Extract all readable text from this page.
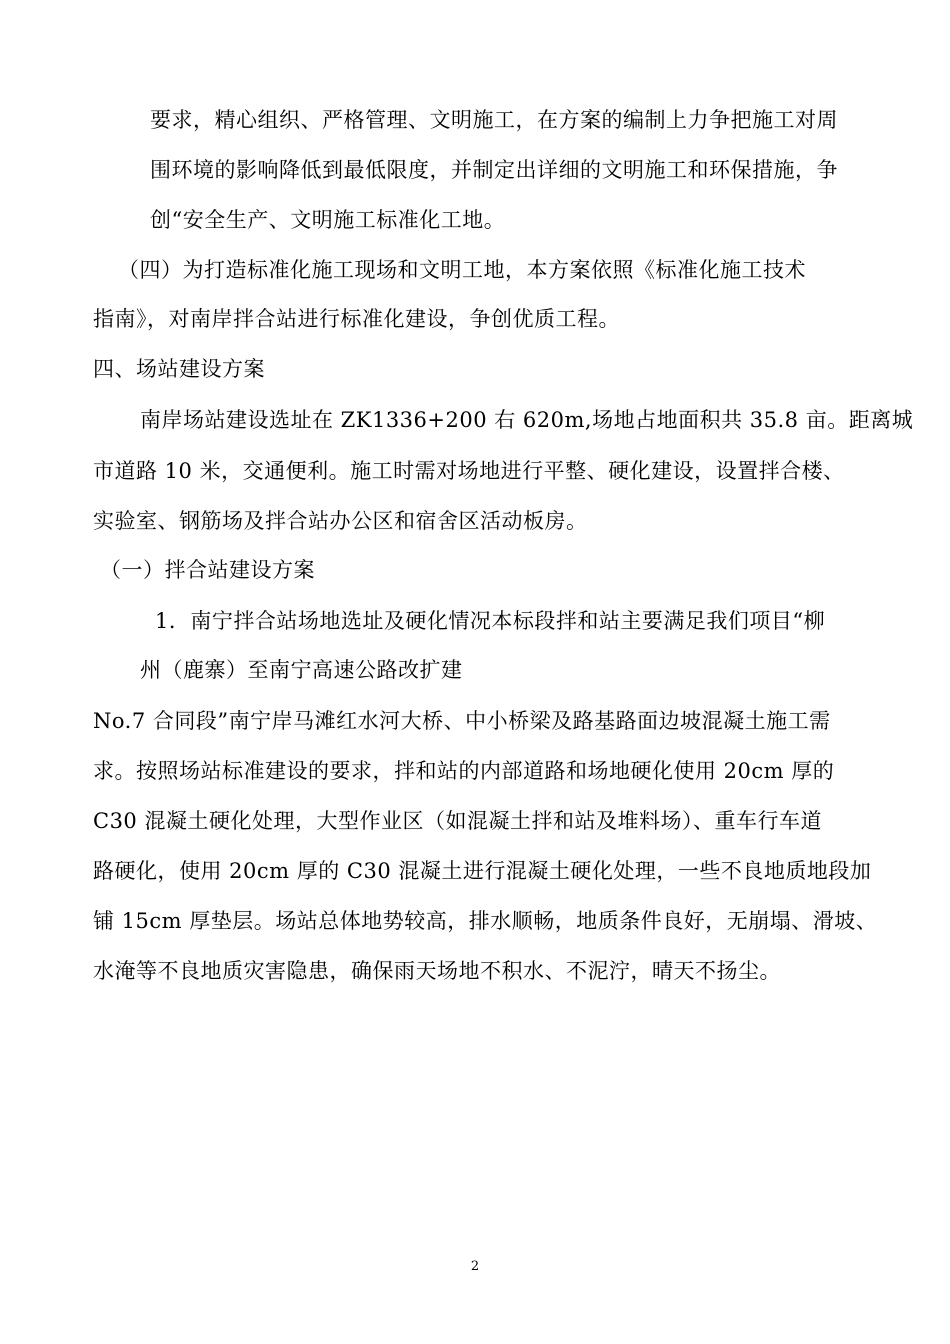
要求，精心组织、严格管理、文明施工，在方案的编制上力争把施工对周
围环境的影响降低到最低限度，并制定出详细的文明施工和环保措施，争
创“安全生产、文明施工标准化工地。
（四）为打造标准化施工现场和文明工地，本方案依照《标准化施工技术
指南》，对南岸拌合站进行标准化建设，争创优质工程。
四、场站建设方案
南岸场站建设选址在 ZK1336+200 右 620m,场地占地面积共 35.8 亩。距离城
市道路 10 米，交通便利。施工时需对场地进行平整、硬化建设，设置拌合楼、
实验室、钢筋场及拌合站办公区和宿舍区活动板房。
（一）拌合站建设方案
1．南宁拌合站场地选址及硬化情况本标段拌和站主要满足我们项目“柳
州（鹿寨）至南宁高速公路改扩建
No.7 合同段”南宁岸马滩红水河大桥、中小桥梁及路基路面边坡混凝土施工需
求。按照场站标准建设的要求，拌和站的内部道路和场地硬化使用 20cm 厚的
C30 混凝土硬化处理，大型作业区（如混凝土拌和站及堆料场）、重车行车道
路硬化，使用 20cm 厚的 C30 混凝土进行混凝土硬化处理，一些不良地质地段加
铺 15cm 厚垫层。场站总体地势较高，排水顺畅，地质条件良好，无崩塌、滑坡、
水淹等不良地质灾害隐患，确保雨天场地不积水、不泥泞，晴天不扬尘。
2
